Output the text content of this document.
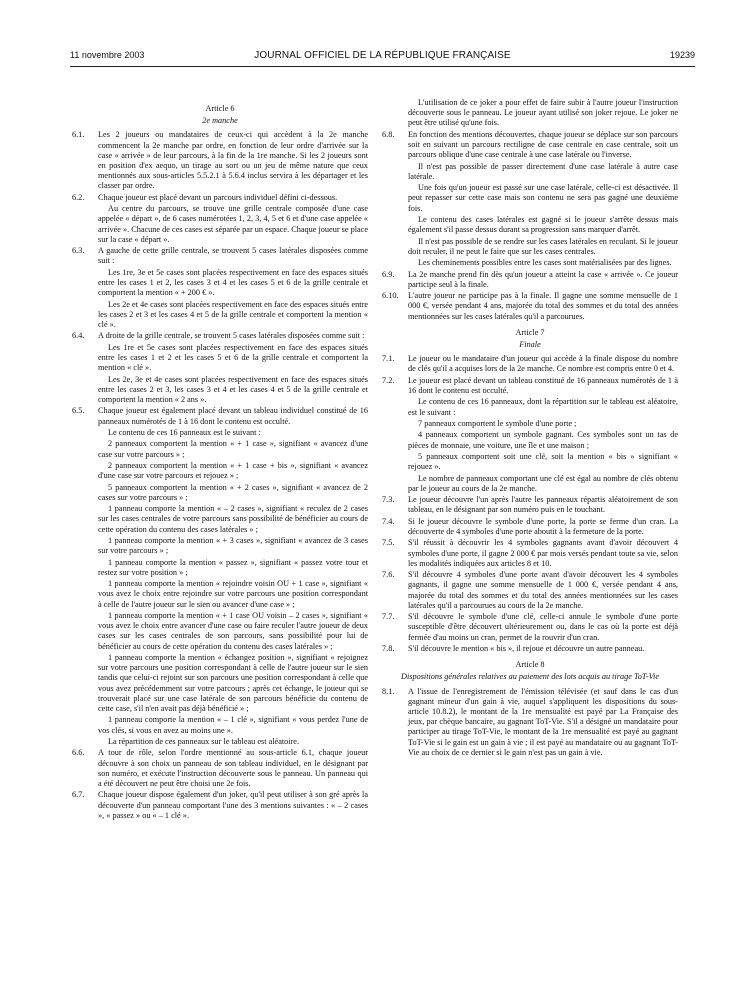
11 novembre 2003	JOURNAL OFFICIEL DE LA RÉPUBLIQUE FRANÇAISE	19239

Article 6

2e manche

6.1. Les 2 joueurs ou mandataires de ceux-ci qui accèdent à la 2e manche commencent la 2e manche par ordre, en fonction de leur ordre d'arrivée sur la case « arrivée » de leur parcours, à la fin de la 1re manche. Si les 2 joueurs sont en position d'ex aequo, un tirage au sort ou un jeu de même nature que ceux mentionnés aux sous-articles 5.5.2.1 à 5.6.4 inclus servira à les départager et les classer par ordre.

6.2. Chaque joueur est placé devant un parcours individuel défini ci-dessous.

Au centre du parcours, se trouve une grille centrale composée d'une case appelée « départ », de 6 cases numérotées 1, 2, 3, 4, 5 et 6 et d'une case appelée « arrivée ». Chacune de ces cases est séparée par un espace. Chaque joueur se place sur la case « départ ».

6.3. A gauche de cette grille centrale, se trouvent 5 cases latérales disposées comme suit :

Les 1re, 3e et 5e cases sont placées respectivement en face des espaces situés entre les cases 1 et 2, les cases 3 et 4 et les cases 5 et 6 de la grille centrale et comportent la mention « + 200 € ».

Les 2e et 4e cases sont placées respectivement en face des espaces situés entre les cases 2 et 3 et les cases 4 et 5 de la grille centrale et comportent la mention « clé ».

6.4. A droite de la grille centrale, se trouvent 5 cases latérales disposées comme suit :

Les 1re et 5e cases sont placées respectivement en face des espaces situés entre les cases 1 et 2 et les cases 5 et 6 de la grille centrale et comportent la mention « clé ».

Les 2e, 3e et 4e cases sont placées respectivement en face des espaces situés entre les cases 2 et 3, les cases 3 et 4 et les cases 4 et 5 de la grille centrale et comportent la mention « 2 ans ».

6.5. Chaque joueur est également placé devant un tableau individuel constitué de 16 panneaux numérotés de 1 à 16 dont le contenu est occulté.

Le contenu de ces 16 panneaux est le suivant :

2 panneaux comportent la mention « + 1 case », signifiant « avancez d'une case sur votre parcours » ;

2 panneaux comportent la mention « + 1 case + bis », signifiant « avancez d'une case sur votre parcours et rejouez » ;

5 panneaux comportent la mention « + 2 cases », signifiant « avancez de 2 cases sur votre parcours » ;

1 panneau comporte la mention « – 2 cases », signifiant « reculez de 2 cases sur les cases centrales de votre parcours sans possibilité de bénéficier au cours de cette opération du contenu des cases latérales » ;

1 panneau comporte la mention « + 3 cases », signifiant « avancez de 3 cases sur votre parcours » ;

1 panneau comporte la mention « passez », signifiant « passez votre tour et restez sur votre position » ;

1 panneau comporte la mention « rejoindre voisin OU + 1 case », signifiant « vous avez le choix entre rejoindre sur votre parcours une position correspondant à celle de l'autre joueur sur le sien ou avancer d'une case » ;

1 panneau comporte la mention « + 1 case OU voisin – 2 cases », signifiant « vous avez le choix entre avancer d'une case ou faire reculer l'autre joueur de deux cases sur les cases centrales de son parcours, sans possibilité pour lui de bénéficier au cours de cette opération du contenu des cases latérales » ;

1 panneau comporte la mention « échangez position », signifiant « rejoignez sur votre parcours une position correspondant à celle de l'autre joueur sur le sien tandis que celui-ci rejoint sur son parcours une position correspondant à celle que vous avez précédemment sur votre parcours ; après cet échange, le joueur qui se trouverait placé sur une case latérale de son parcours bénéficie du contenu de cette case, s'il n'en avait pas déjà bénéficié » ;

1 panneau comporte la mention « – 1 clé », signifiant « vous perdez l'une de vos clés, si vous en avez au moins une ».

La répartition de ces panneaux sur le tableau est aléatoire.

6.6. A tour de rôle, selon l'ordre mentionné au sous-article 6.1, chaque joueur découvre à son choix un panneau de son tableau individuel, en le désignant par son numéro, et exécute l'instruction découverte sous le panneau. Un panneau qui a été découvert ne peut être choisi une 2e fois.

6.7. Chaque joueur dispose également d'un joker, qu'il peut utiliser à son gré après la découverte d'un panneau comportant l'une des 3 mentions suivantes : « – 2 cases », « passez » ou « – 1 clé ».

L'utilisation de ce joker a pour effet de faire subir à l'autre joueur l'instruction découverte sous le panneau. Le joueur ayant utilisé son joker rejoue. Le joker ne peut être utilisé qu'une fois.

6.8. En fonction des mentions découvertes, chaque joueur se déplace sur son parcours soit en suivant un parcours rectiligne de case centrale en case centrale, soit un parcours oblique d'une case centrale à une case latérale ou l'inverse.

Il n'est pas possible de passer directement d'une case latérale à autre case latérale.

Une fois qu'un joueur est passé sur une case latérale, celle-ci est désactivée. Il peut repasser sur cette case mais son contenu ne sera pas gagné une deuxième fois.

Le contenu des cases latérales est gagné si le joueur s'arrête dessus mais également s'il passe dessus durant sa progression sans marquer d'arrêt.

Il n'est pas possible de se rendre sur les cases latérales en reculant. Si le joueur doit reculer, il ne peut le faire que sur les cases centrales.

Les cheminements possibles entre les cases sont matérialisées par des lignes.

6.9. La 2e manche prend fin dès qu'un joueur a atteint la case « arrivée ». Ce joueur participe seul à la finale.

6.10. L'autre joueur ne participe pas à la finale. Il gagne une somme mensuelle de 1 000 €, versée pendant 4 ans, majorée du total des sommes et du total des années mentionnées sur les cases latérales qu'il a parcourues.

Article 7

Finale

7.1. Le joueur ou le mandataire d'un joueur qui accède à la finale dispose du nombre de clés qu'il a acquises lors de la 2e manche. Ce nombre est compris entre 0 et 4.

7.2. Le joueur est placé devant un tableau constitué de 16 panneaux numérotés de 1 à 16 dont le contenu est occulté.

Le contenu de ces 16 panneaux, dont la répartition sur le tableau est aléatoire, est le suivant :

7 panneaux comportent le symbole d'une porte ;

4 panneaux comportent un symbole gagnant. Ces symboles sont un tas de pièces de monnaie, une voiture, une île et une maison ;

5 panneaux comportent soit une clé, soit la mention « bis » signifiant « rejouez ».

Le nombre de panneaux comportant une clé est égal au nombre de clés obtenu par le joueur au cours de la 2e manche.

7.3. Le joueur découvre l'un après l'autre les panneaux répartis aléatoirement de son tableau, en le désignant par son numéro puis en le touchant.

7.4. Si le joueur découvre le symbole d'une porte, la porte se ferme d'un cran. La découverte de 4 symboles d'une porte aboutit à la fermeture de la porte.

7.5. S'il réussit à découvrir les 4 symboles gagnants avant d'avoir découvert 4 symboles d'une porte, il gagne 2 000 € par mois versés pendant toute sa vie, selon les modalités indiquées aux articles 8 et 10.

7.6. S'il découvre 4 symboles d'une porte avant d'avoir découvert les 4 symboles gagnants, il gagne une somme mensuelle de 1 000 €, versée pendant 4 ans, majorée du total des sommes et du total des années mentionnées sur les cases latérales qu'il a parcourues au cours de la 2e manche.

7.7. S'il découvre le symbole d'une clé, celle-ci annule le symbole d'une porte susceptible d'être découvert ultérieurement ou, dans le cas où la porte est déjà fermée d'au moins un cran, permet de la rouvrir d'un cran.

7.8. S'il découvre le mention « bis », il rejoue et découvre un autre panneau.

Article 8

Dispositions générales relatives au paiement des lots acquis au tirage ToT-Vie

8.1. A l'issue de l'enregistrement de l'émission télévisée (et sauf dans le cas d'un gagnant mineur d'un gain à vie, auquel s'appliquent les dispositions du sous-article 10.8.2), le montant de la 1re mensualité est payé par La Française des jeux, par chèque bancaire, au gagnant ToT-Vie. S'il a désigné un mandataire pour participer au tirage ToT-Vie, le montant de la 1re mensualité est payé au gagnant ToT-Vie si le gain est un gain à vie ; il est payé au mandataire ou au gagnant ToT-Vie au choix de ce dernier si le gain n'est pas un gain à vie.
